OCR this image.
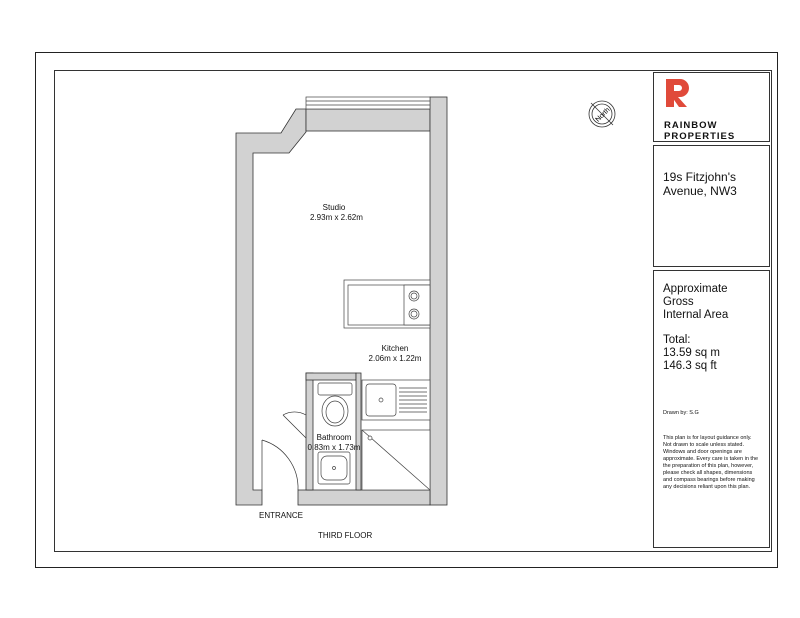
North
Studio
2.93m x 2.62m
Kitchen
2.06m x 1.22m
Bathroom
0.83m x 1.73m
ENTRANCE
THIRD FLOOR
RAINBOW
PROPERTIES
19s Fitzjohn's
Avenue, NW3
Approximate
Gross
Internal Area
Total:
13.59 sq m
146.3 sq ft
Drawn by: S.G
This plan is for layout guidance only. Not drawn to scale unless stated. Windows and door openings are approximate. Every care is taken in the the preparation of this plan, however, please check all shapes, dimensions and compass bearings before making any decisions reliant upon this plan.
